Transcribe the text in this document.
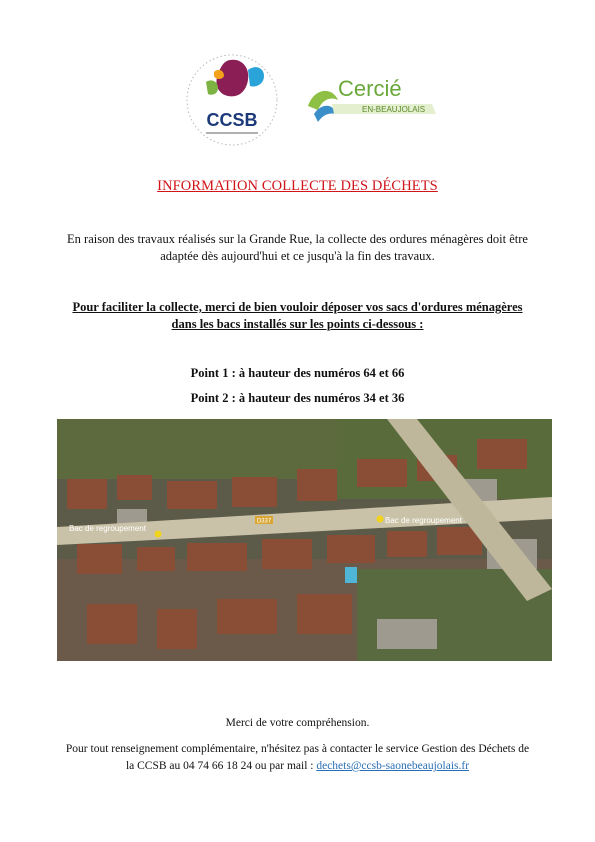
CCSB
Cercié
EN-BEAUJOLAIS
INFORMATION COLLECTE DES DÉCHETS
En raison des travaux réalisés sur la Grande Rue, la collecte des ordures ménagères doit être adaptée dès aujourd'hui et ce jusqu'à la fin des travaux.
Pour faciliter la collecte, merci de bien vouloir déposer vos sacs d'ordures ménagères dans les bacs installés sur les points ci-dessous :
Point 1 : à hauteur des numéros 64 et 66
Point 2 : à hauteur des numéros 34 et 36
Bac de regroupement
Bac de regroupement
D337
Merci de votre compréhension.
Pour tout renseignement complémentaire, n'hésitez pas à contacter le service Gestion des Déchets de la CCSB au 04 74 66 18 24 ou par mail : dechets@ccsb-saonebeaujolais.fr
